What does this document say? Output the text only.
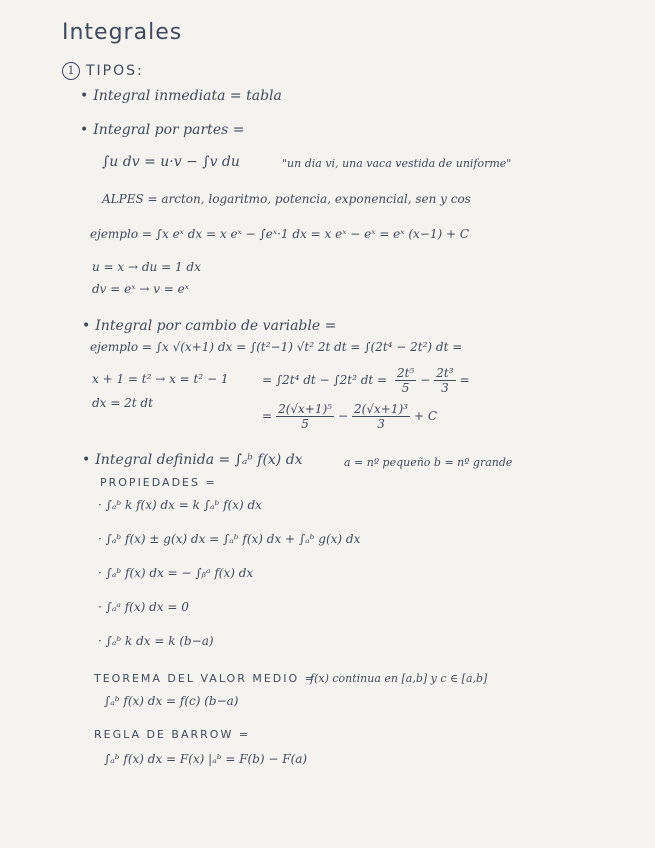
Integrales
1 TIPOS:
• Integral inmediata = tabla
• Integral por partes =
∫u dv = u·v − ∫v du	"un dia vi, una vaca vestida de uniforme"
ALPES = arcton, logaritmo, potencia, exponencial, sen y cos
ejemplo = ∫x eˣ dx = x eˣ − ∫eˣ·1 dx = x eˣ − eˣ = eˣ (x−1) + C
u = x → du = 1 dx
dv = eˣ → v = eˣ
• Integral por cambio de variable =
ejemplo = ∫x √(x+1) dx = ∫(t²−1) √t² 2t dt = ∫(2t⁴ − 2t²) dt =
x + 1 = t² → x = t² − 1
dx = 2t dt
= ∫2t⁴ dt − ∫2t² dt = $\frac{\text{2t⁵}}{5} - \frac{\text{2t³}}{3}$ =
= $\frac{\text{2(√x+1)⁵}}{5} - \frac{\text{2(√x+1)³}}{3} + C$
• Integral definida = ∫ₐᵇ f(x) dx	a = nº pequeño b = nº grande
PROPIEDADES =
· ∫ₐᵇ k f(x) dx = k ∫ₐᵇ f(x) dx
· ∫ₐᵇ f(x) ± g(x) dx = ∫ₐᵇ f(x) dx + ∫ₐᵇ g(x) dx
· ∫ₐᵇ f(x) dx = − ∫ᵦᵃ f(x) dx
· ∫ₐᵃ f(x) dx = 0
· ∫ₐᵇ k dx = k (b−a)
TEOREMA DEL VALOR MEDIO =
f(x) continua en [a,b] y c ∈ [a,b]
∫ₐᵇ f(x) dx = f(c) (b−a)
REGLA DE BARROW =
∫ₐᵇ f(x) dx = F(x) |ₐᵇ = F(b) − F(a)
